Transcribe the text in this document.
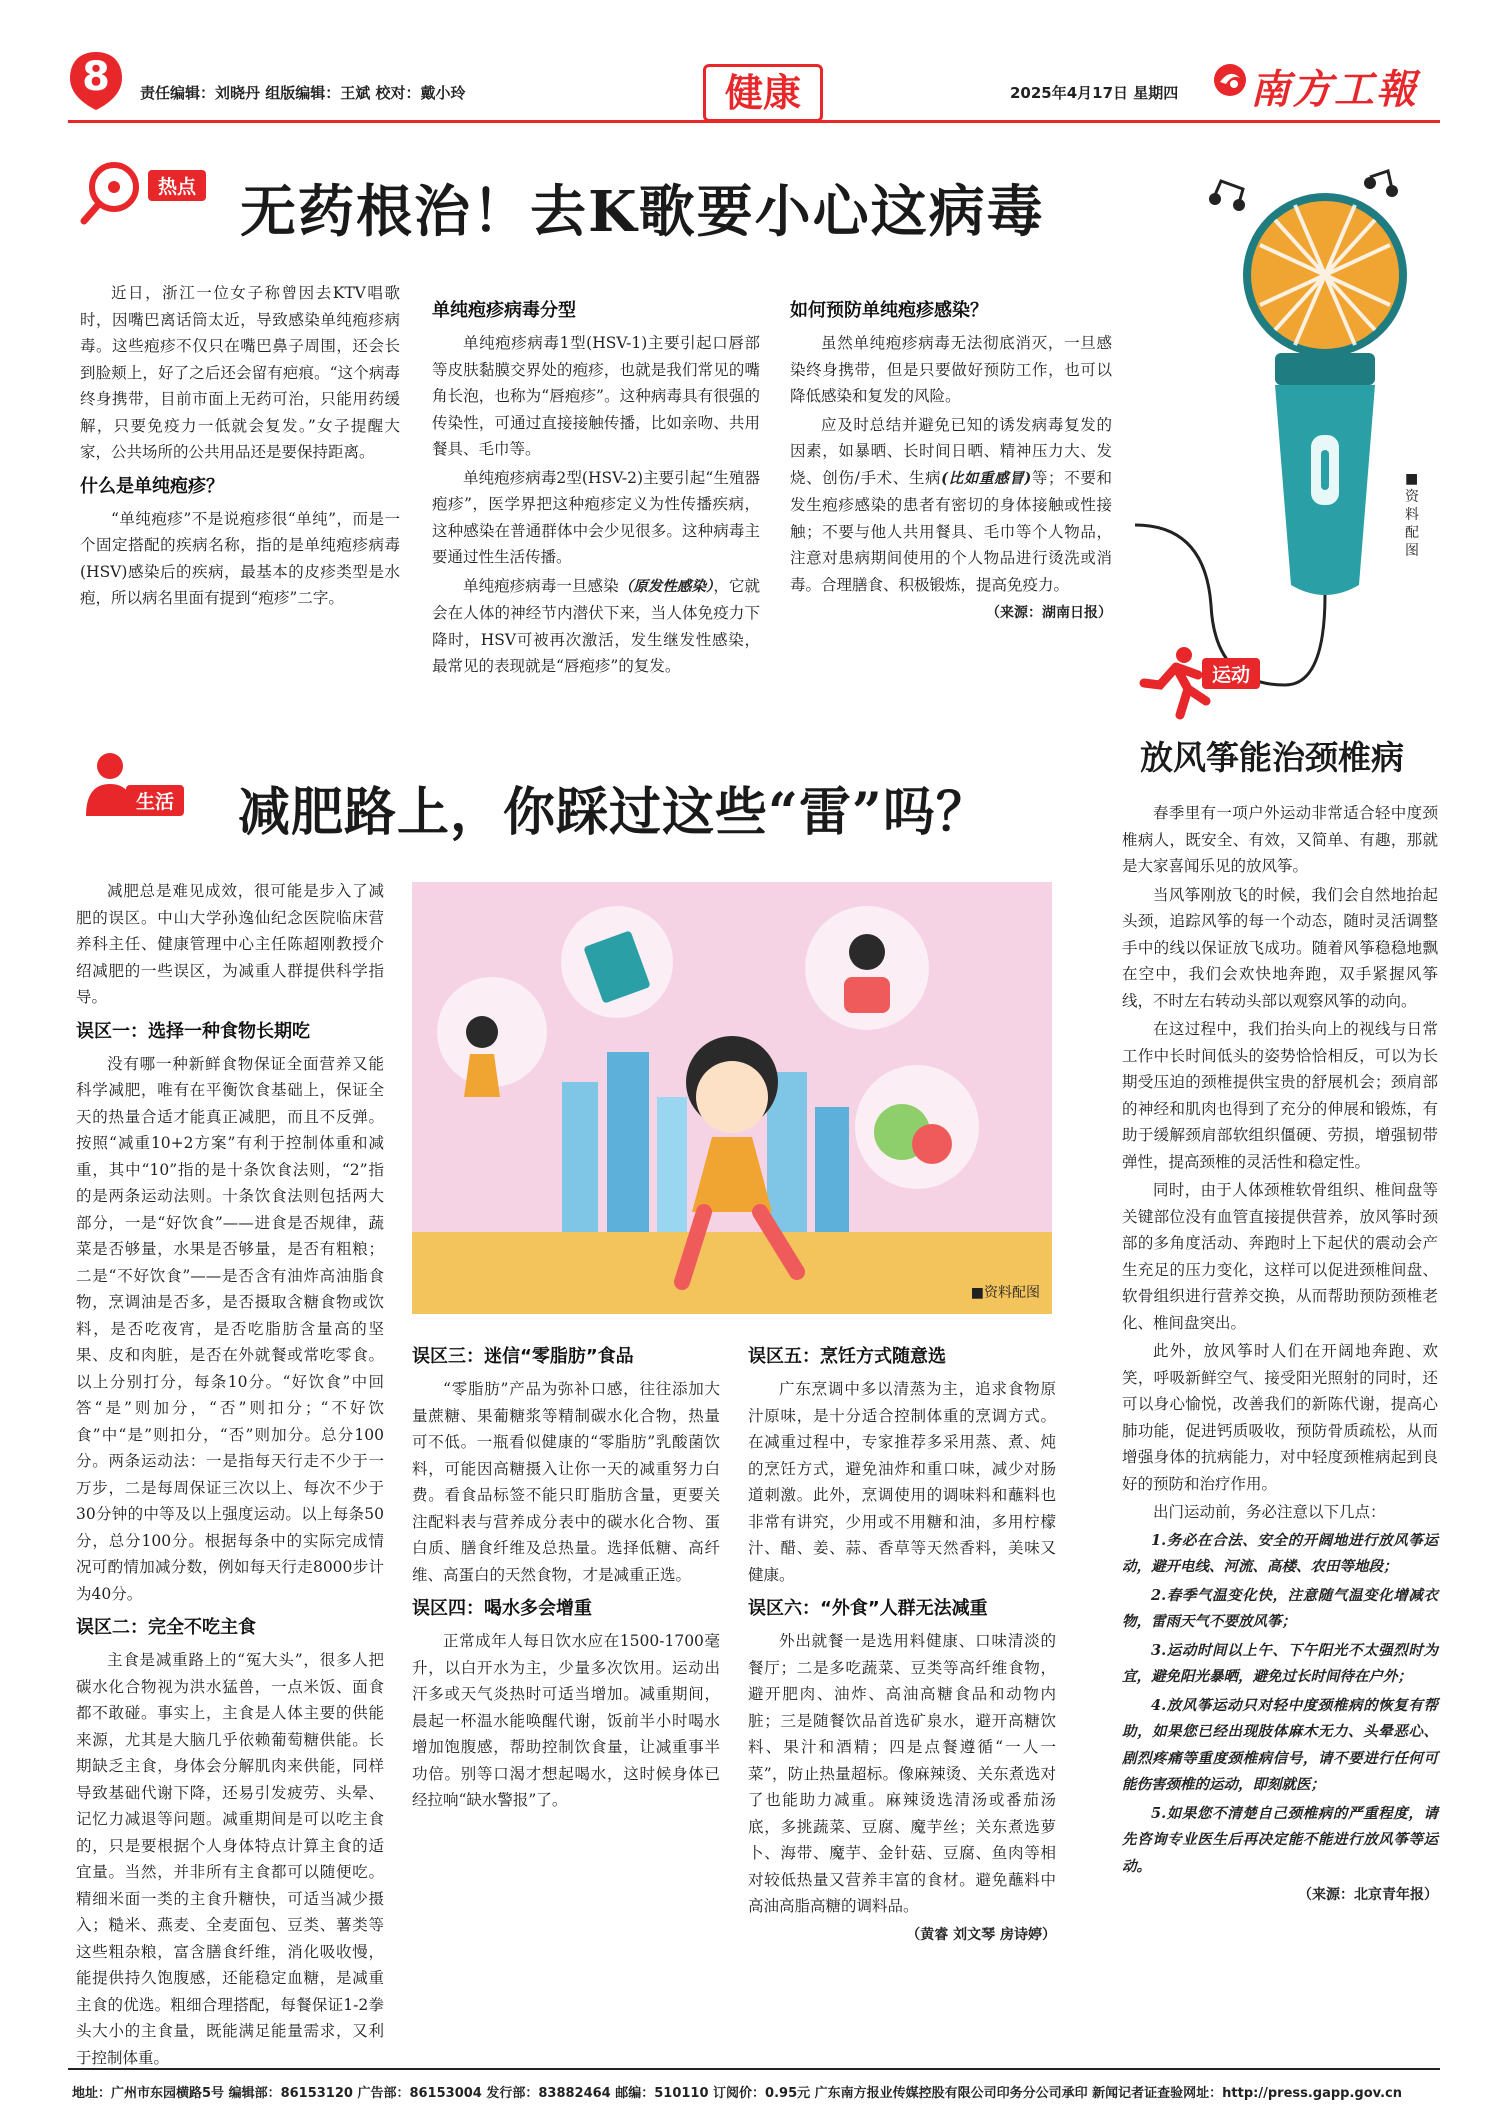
8	责任编辑：刘晓丹 组版编辑：王斌 校对：戴小玲	健康	2025年4月17日 星期四 南方工報
热点 无药根治！去K歌要小心这病毒
■资料配图

近日，浙江一位女子称曾因去KTV唱歌时，因嘴巴离话筒太近，导致感染单纯疱疹病毒。这些疱疹不仅只在嘴巴鼻子周围，还会长到脸颊上，好了之后还会留有疤痕。“这个病毒终身携带，目前市面上无药可治，只能用药缓解，只要免疫力一低就会复发。”女子提醒大家，公共场所的公共用品还是要保持距离。

什么是单纯疱疹？

“单纯疱疹”不是说疱疹很“单纯”，而是一个固定搭配的疾病名称，指的是单纯疱疹病毒(HSV)感染后的疾病，最基本的皮疹类型是水疱，所以病名里面有提到“疱疹”二字。

单纯疱疹病毒分型

单纯疱疹病毒1型(HSV-1)主要引起口唇部等皮肤黏膜交界处的疱疹，也就是我们常见的嘴角长泡，也称为“唇疱疹”。这种病毒具有很强的传染性，可通过直接接触传播，比如亲吻、共用餐具、毛巾等。

单纯疱疹病毒2型(HSV-2)主要引起“生殖器疱疹”，医学界把这种疱疹定义为性传播疾病，这种感染在普通群体中会少见很多。这种病毒主要通过性生活传播。

单纯疱疹病毒一旦感染（原发性感染），它就会在人体的神经节内潜伏下来，当人体免疫力下降时，HSV可被再次激活，发生继发性感染，最常见的表现就是“唇疱疹”的复发。

如何预防单纯疱疹感染？

虽然单纯疱疹病毒无法彻底消灭，一旦感染终身携带，但是只要做好预防工作，也可以降低感染和复发的风险。

应及时总结并避免已知的诱发病毒复发的因素，如暴晒、长时间日晒、精神压力大、发烧、创伤/手术、生病(比如重感冒)等；不要和发生疱疹感染的患者有密切的身体接触或性接触；不要与他人共用餐具、毛巾等个人物品，注意对患病期间使用的个人物品进行烫洗或消毒。合理膳食、积极锻炼，提高免疫力。

（来源：湖南日报）

运动
放风筝能治颈椎病

春季里有一项户外运动非常适合轻中度颈椎病人，既安全、有效，又简单、有趣，那就是大家喜闻乐见的放风筝。

当风筝刚放飞的时候，我们会自然地抬起头颈，追踪风筝的每一个动态，随时灵活调整手中的线以保证放飞成功。随着风筝稳稳地飘在空中，我们会欢快地奔跑，双手紧握风筝线，不时左右转动头部以观察风筝的动向。

在这过程中，我们抬头向上的视线与日常工作中长时间低头的姿势恰恰相反，可以为长期受压迫的颈椎提供宝贵的舒展机会；颈肩部的神经和肌肉也得到了充分的伸展和锻炼，有助于缓解颈肩部软组织僵硬、劳损，增强韧带弹性，提高颈椎的灵活性和稳定性。

同时，由于人体颈椎软骨组织、椎间盘等关键部位没有血管直接提供营养，放风筝时颈部的多角度活动、奔跑时上下起伏的震动会产生充足的压力变化，这样可以促进颈椎间盘、软骨组织进行营养交换，从而帮助预防颈椎老化、椎间盘突出。

此外，放风筝时人们在开阔地奔跑、欢笑，呼吸新鲜空气、接受阳光照射的同时，还可以身心愉悦，改善我们的新陈代谢，提高心肺功能，促进钙质吸收，预防骨质疏松，从而增强身体的抗病能力，对中轻度颈椎病起到良好的预防和治疗作用。

出门运动前，务必注意以下几点：

1.务必在合法、安全的开阔地进行放风筝运动，避开电线、河流、高楼、农田等地段；

2.春季气温变化快，注意随气温变化增减衣物，雷雨天气不要放风筝；

3.运动时间以上午、下午阳光不太强烈时为宜，避免阳光暴晒，避免过长时间待在户外；

4.放风筝运动只对轻中度颈椎病的恢复有帮助，如果您已经出现肢体麻木无力、头晕恶心、剧烈疼痛等重度颈椎病信号，请不要进行任何可能伤害颈椎的运动，即刻就医；

5.如果您不清楚自己颈椎病的严重程度，请先咨询专业医生后再决定能不能进行放风筝等运动。

（来源：北京青年报）

生活 减肥路上，你踩过这些“雷”吗？
■资料配图

减肥总是难见成效，很可能是步入了减肥的误区。中山大学孙逸仙纪念医院临床营养科主任、健康管理中心主任陈超刚教授介绍减肥的一些误区，为减重人群提供科学指导。

误区一：选择一种食物长期吃

没有哪一种新鲜食物保证全面营养又能科学减肥，唯有在平衡饮食基础上，保证全天的热量合适才能真正减肥，而且不反弹。按照“减重10+2方案”有利于控制体重和减重，其中“10”指的是十条饮食法则，“2”指的是两条运动法则。十条饮食法则包括两大部分，一是“好饮食”——进食是否规律，蔬菜是否够量，水果是否够量，是否有粗粮；二是“不好饮食”——是否含有油炸高油脂食物，烹调油是否多，是否摄取含糖食物或饮料，是否吃夜宵，是否吃脂肪含量高的坚果、皮和肉脏，是否在外就餐或常吃零食。以上分别打分，每条10分。“好饮食”中回答“是”则加分，“否”则扣分；“不好饮食”中“是”则扣分，“否”则加分。总分100分。两条运动法：一是指每天行走不少于一万步，二是每周保证三次以上、每次不少于30分钟的中等及以上强度运动。以上每条50分，总分100分。根据每条中的实际完成情况可酌情加减分数，例如每天行走8000步计为40分。

误区二：完全不吃主食

主食是减重路上的“冤大头”，很多人把碳水化合物视为洪水猛兽，一点米饭、面食都不敢碰。事实上，主食是人体主要的供能来源，尤其是大脑几乎依赖葡萄糖供能。长期缺乏主食，身体会分解肌肉来供能，同样导致基础代谢下降，还易引发疲劳、头晕、记忆力减退等问题。减重期间是可以吃主食的，只是要根据个人身体特点计算主食的适宜量。当然，并非所有主食都可以随便吃。精细米面一类的主食升糖快，可适当减少摄入；糙米、燕麦、全麦面包、豆类、薯类等这些粗杂粮，富含膳食纤维，消化吸收慢，能提供持久饱腹感，还能稳定血糖，是减重主食的优选。粗细合理搭配，每餐保证1-2拳头大小的主食量，既能满足能量需求，又利于控制体重。

误区三：迷信“零脂肪”食品

“零脂肪”产品为弥补口感，往往添加大量蔗糖、果葡糖浆等精制碳水化合物，热量可不低。一瓶看似健康的“零脂肪”乳酸菌饮料，可能因高糖摄入让你一天的减重努力白费。看食品标签不能只盯脂肪含量，更要关注配料表与营养成分表中的碳水化合物、蛋白质、膳食纤维及总热量。选择低糖、高纤维、高蛋白的天然食物，才是减重正选。

误区四：喝水多会增重

正常成年人每日饮水应在1500-1700毫升，以白开水为主，少量多次饮用。运动出汗多或天气炎热时可适当增加。减重期间，晨起一杯温水能唤醒代谢，饭前半小时喝水增加饱腹感，帮助控制饮食量，让减重事半功倍。别等口渴才想起喝水，这时候身体已经拉响“缺水警报”了。

误区五：烹饪方式随意选

广东烹调中多以清蒸为主，追求食物原汁原味，是十分适合控制体重的烹调方式。在减重过程中，专家推荐多采用蒸、煮、炖的烹饪方式，避免油炸和重口味，减少对肠道刺激。此外，烹调使用的调味料和蘸料也非常有讲究，少用或不用糖和油，多用柠檬汁、醋、姜、蒜、香草等天然香料，美味又健康。

误区六：“外食”人群无法减重

外出就餐一是选用料健康、口味清淡的餐厅；二是多吃蔬菜、豆类等高纤维食物，避开肥肉、油炸、高油高糖食品和动物内脏；三是随餐饮品首选矿泉水，避开高糖饮料、果汁和酒精；四是点餐遵循“一人一菜”，防止热量超标。像麻辣烫、关东煮选对了也能助力减重。麻辣烫选清汤或番茄汤底，多挑蔬菜、豆腐、魔芋丝；关东煮选萝卜、海带、魔芋、金针菇、豆腐、鱼肉等相对较低热量又营养丰富的食材。避免蘸料中高油高脂高糖的调料品。

（黄睿 刘文琴 房诗婷）

地址：广州市东园横路5号 编辑部：86153120 广告部：86153004 发行部：83882464 邮编：510110 订阅价：0.95元 广东南方报业传媒控股有限公司印务分公司承印 新闻记者证查验网址：http://press.gapp.gov.cn
